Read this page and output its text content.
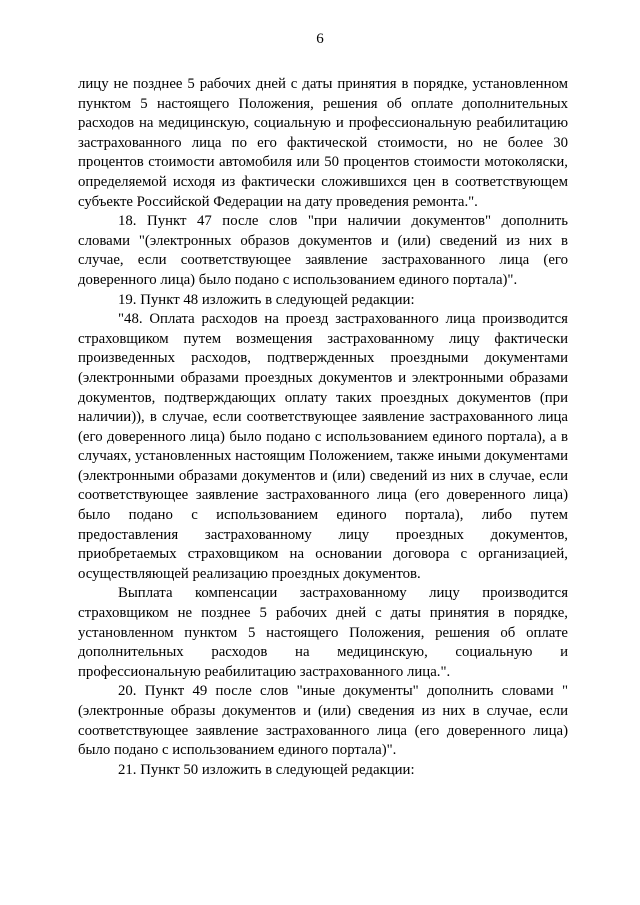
6

лицу не позднее 5 рабочих дней с даты принятия в порядке, установленном пунктом 5 настоящего Положения, решения об оплате дополнительных расходов на медицинскую, социальную и профессиональную реабилитацию застрахованного лица по его фактической стоимости, но не более 30 процентов стоимости автомобиля или 50 процентов стоимости мотоколяски, определяемой исходя из фактически сложившихся цен в соответствующем субъекте Российской Федерации на дату проведения ремонта.".

18. Пункт 47 после слов "при наличии документов" дополнить словами "(электронных образов документов и (или) сведений из них в случае, если соответствующее заявление застрахованного лица (его доверенного лица) было подано с использованием единого портала)".

19. Пункт 48 изложить в следующей редакции:

"48. Оплата расходов на проезд застрахованного лица производится страховщиком путем возмещения застрахованному лицу фактически произведенных расходов, подтвержденных проездными документами (электронными образами проездных документов и электронными образами документов, подтверждающих оплату таких проездных документов (при наличии)), в случае, если соответствующее заявление застрахованного лица (его доверенного лица) было подано с использованием единого портала), а в случаях, установленных настоящим Положением, также иными документами (электронными образами документов и (или) сведений из них в случае, если соответствующее заявление застрахованного лица (его доверенного лица) было подано с использованием единого портала), либо путем предоставления застрахованному лицу проездных документов, приобретаемых страховщиком на основании договора с организацией, осуществляющей реализацию проездных документов.

Выплата компенсации застрахованному лицу производится страховщиком не позднее 5 рабочих дней с даты принятия в порядке, установленном пунктом 5 настоящего Положения, решения об оплате дополнительных расходов на медицинскую, социальную и профессиональную реабилитацию застрахованного лица.".

20. Пункт 49 после слов "иные документы" дополнить словами "(электронные образы документов и (или) сведения из них в случае, если соответствующее заявление застрахованного лица (его доверенного лица) было подано с использованием единого портала)".

21. Пункт 50 изложить в следующей редакции:
